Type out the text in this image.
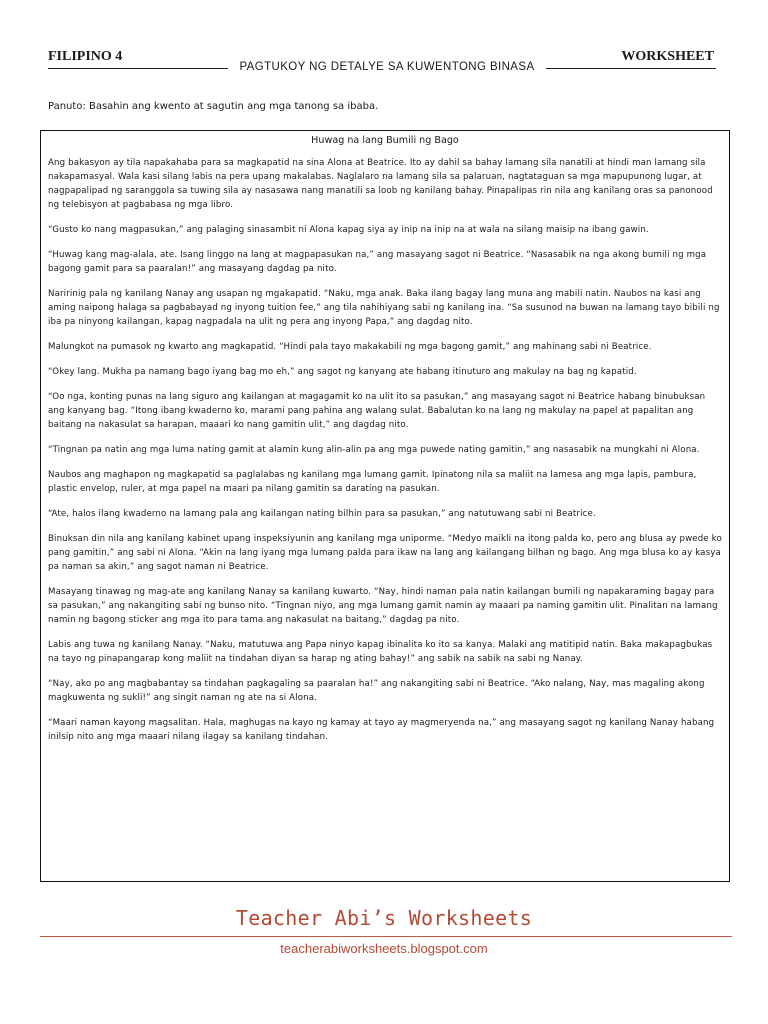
FILIPINO 4	WORKSHEET
PAGTUKOY NG DETALYE SA KUWENTONG BINASA
Panuto: Basahin ang kwento at sagutin ang mga tanong sa ibaba.
Huwag na lang Bumili ng Bago

Ang bakasyon ay tila napakahaba para sa magkapatid na sina Alona at Beatrice. Ito ay dahil sa bahay lamang sila nanatili at hindi man lamang sila nakapamasyal. Wala kasi silang labis na pera upang makalabas. Naglalaro na lamang sila sa palaruan, nagtataguan sa mga mapupunong lugar, at nagpapalipad ng saranggola sa tuwing sila ay nasasawa nang manatili sa loob ng kanilang bahay. Pinapalipas rin nila ang kanilang oras sa panonood ng telebisyon at pagbabasa ng mga libro.

“Gusto ko nang magpasukan,” ang palaging sinasambit ni Alona kapag siya ay inip na inip na at wala na silang maisip na ibang gawin.

“Huwag kang mag-alala, ate. Isang linggo na lang at magpapasukan na,” ang masayang sagot ni Beatrice. “Nasasabik na nga akong bumili ng mga bagong gamit para sa paaralan!” ang masayang dagdag pa nito.

Naririnig pala ng kanilang Nanay ang usapan ng mgakapatid. “Naku, mga anak. Baka ilang bagay lang muna ang mabili natin. Naubos na kasi ang aming naipong halaga sa pagbabayad ng inyong tuition fee,” ang tila nahihiyang sabi ng kanilang ina. “Sa susunod na buwan na lamang tayo bibili ng iba pa ninyong kailangan, kapag nagpadala na ulit ng pera ang inyong Papa,” ang dagdag nito.

Malungkot na pumasok ng kwarto ang magkapatid. “Hindi pala tayo makakabili ng mga bagong gamit,” ang mahinang sabi ni Beatrice.

“Okey lang. Mukha pa namang bago iyang bag mo eh,” ang sagot ng kanyang ate habang itinuturo ang makulay na bag ng kapatid.

“Oo nga, konting punas na lang siguro ang kailangan at magagamit ko na ulit ito sa pasukan,” ang masayang sagot ni Beatrice habang binubuksan ang kanyang bag. “Itong ibang kwaderno ko, marami pang pahina ang walang sulat. Babalutan ko na lang ng makulay na papel at papalitan ang baitang na nakasulat sa harapan, maaari ko nang gamitin ulit,” ang dagdag nito.

“Tingnan pa natin ang mga luma nating gamit at alamin kung alin-alin pa ang mga puwede nating gamitin,” ang nasasabik na mungkahi ni Alona.

Naubos ang maghapon ng magkapatid sa paglalabas ng kanilang mga lumang gamit. Ipinatong nila sa maliit na lamesa ang mga lapis, pambura, plastic envelop, ruler, at mga papel na maari pa nilang gamitin sa darating na pasukan.

“Ate, halos ilang kwaderno na lamang pala ang kailangan nating bilhin para sa pasukan,” ang natutuwang sabi ni Beatrice.

Binuksan din nila ang kanilang kabinet upang inspeksiyunin ang kanilang mga uniporme. “Medyo maikli na itong palda ko, pero ang blusa ay pwede ko pang gamitin,” ang sabi ni Alona. “Akin na lang iyang mga lumang palda para ikaw na lang ang kailangang bilhan ng bago. Ang mga blusa ko ay kasya pa naman sa akin,” ang sagot naman ni Beatrice.

Masayang tinawag ng mag-ate ang kanilang Nanay sa kanilang kuwarto. “Nay, hindi naman pala natin kailangan bumili ng napakaraming bagay para sa pasukan,” ang nakangiting sabi ng bunso nito. “Tingnan niyo, ang mga lumang gamit namin ay maaari pa naming gamitin ulit. Pinalitan na lamang namin ng bagong sticker ang mga ito para tama ang nakasulat na baitang,” dagdag pa nito.

Labis ang tuwa ng kanilang Nanay. “Naku, matutuwa ang Papa ninyo kapag ibinalita ko ito sa kanya. Malaki ang matitipid natin. Baka makapagbukas na tayo ng pinapangarap kong maliit na tindahan diyan sa harap ng ating bahay!” ang sabik na sabik na sabi ng Nanay.

“Nay, ako po ang magbabantay sa tindahan pagkagaling sa paaralan ha!” ang nakangiting sabi ni Beatrice. “Ako nalang, Nay, mas magaling akong magkuwenta ng sukli!” ang singit naman ng ate na si Alona.

“Maari naman kayong magsalitan. Hala, maghugas na kayo ng kamay at tayo ay magmeryenda na,” ang masayang sagot ng kanilang Nanay habang inilsip nito ang mga maaari nilang ilagay sa kanilang tindahan.

Teacher Abi’s Worksheets
teacherabiworksheets.blogspot.com
